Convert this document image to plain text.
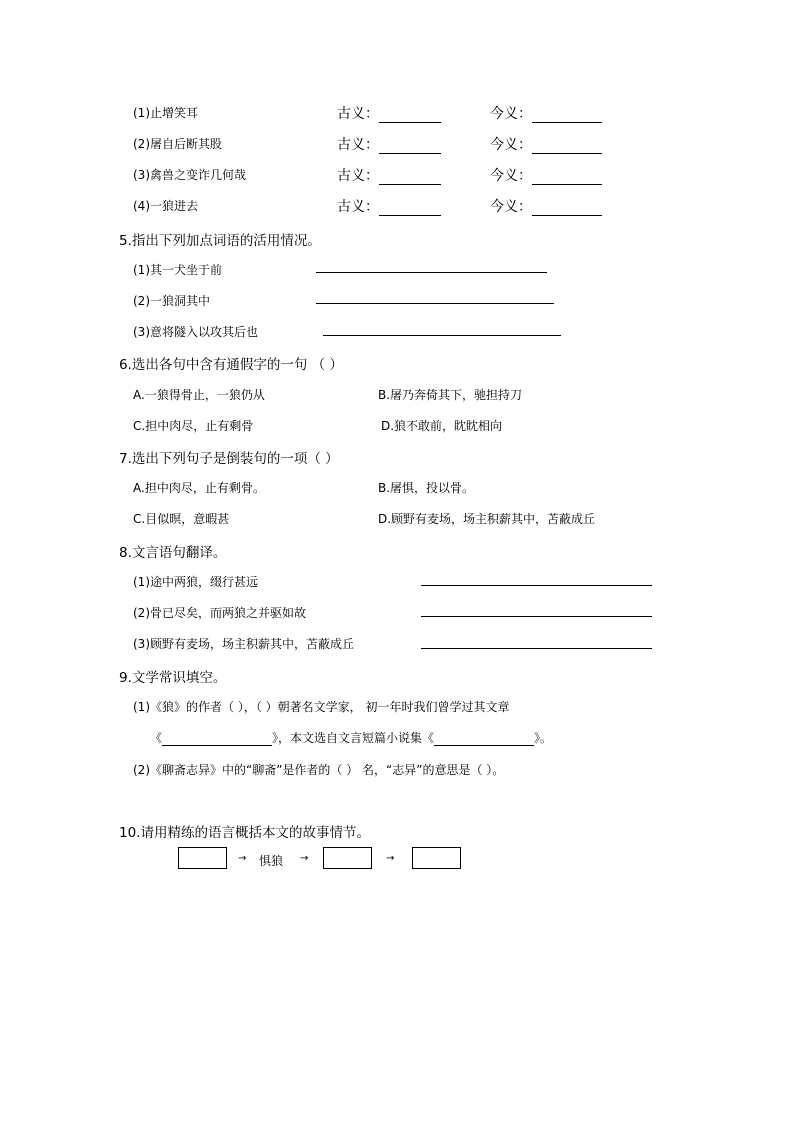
(1)止增笑耳	古义：	今义：
(2)屠自后断其股	古义：	今义：
(3)禽兽之变诈几何哉	古义：	今义：
(4)一狼进去	古义：	今义：
5.指出下列加点词语的活用情况。
(1)其一犬坐于前
(2)一狼洞其中
(3)意将隧入以攻其后也
6.选出各句中含有通假字的一句 （ ）
A.一狼得骨止，一狼仍从	B.屠乃奔倚其下，驰担持刀
C.担中肉尽，止有剩骨	D.狼不敢前，眈眈相向
7.选出下列句子是倒装句的一项（ ）
A.担中肉尽，止有剩骨。	B.屠惧，投以骨。
C.目似暝，意暇甚	D.顾野有麦场，场主积薪其中，苫蔽成丘
8.文言语句翻译。
(1)途中两狼，缀行甚远
(2)骨已尽矣，而两狼之并驱如故
(3)顾野有麦场，场主积薪其中，苫蔽成丘
9.文学常识填空。
(1)《狼》的作者（ ），（ ）朝著名文学家， 初一年时我们曾学过其文章
《	》，本文选自文言短篇小说集《	》。
(2)《聊斋志异》中的“聊斋”是作者的（ ） 名，“志异”的意思是（ ）。
10.请用精练的语言概括本文的故事情节。
→ 惧狼 →	→
